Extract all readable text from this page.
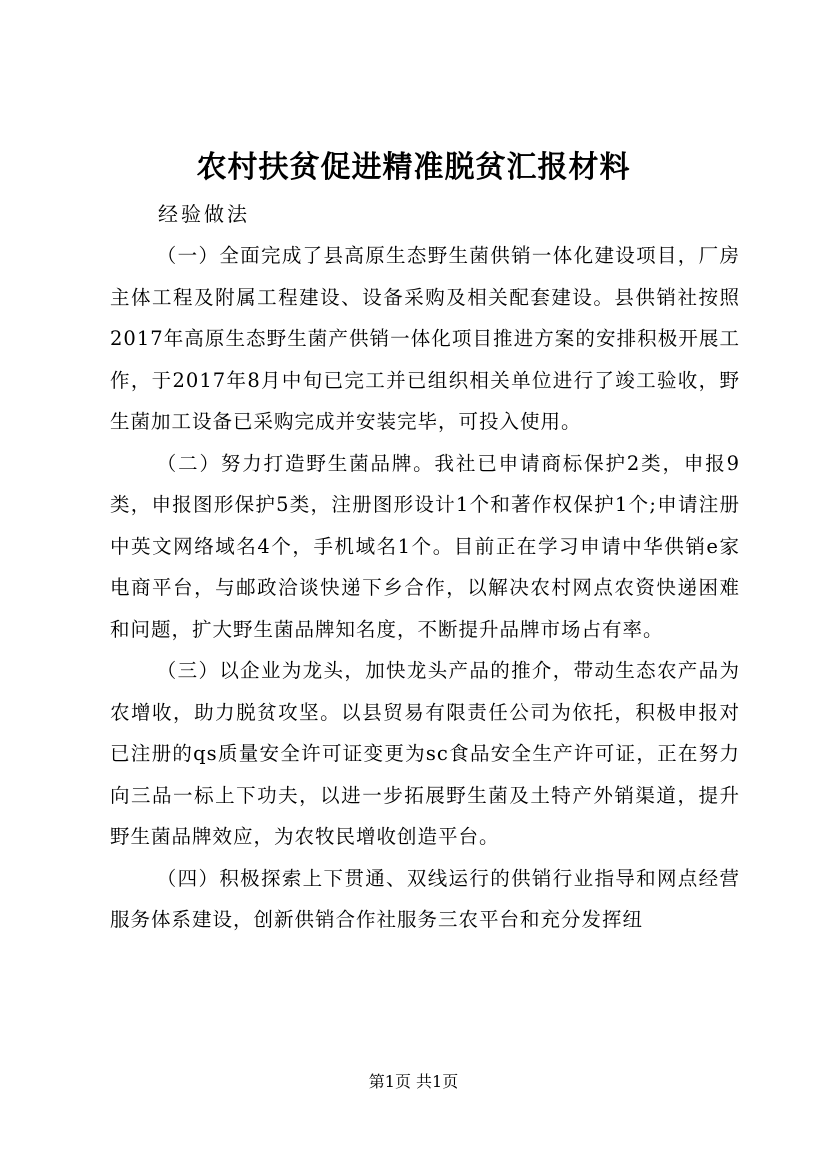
农村扶贫促进精准脱贫汇报材料
经验做法

（一）全面完成了县高原生态野生菌供销一体化建设项目，厂房主体工程及附属工程建设、设备采购及相关配套建设。县供销社按照2017年高原生态野生菌产供销一体化项目推进方案的安排积极开展工作，于2017年8月中旬已完工并已组织相关单位进行了竣工验收，野生菌加工设备已采购完成并安装完毕，可投入使用。

（二）努力打造野生菌品牌。我社已申请商标保护2类，申报9类，申报图形保护5类，注册图形设计1个和著作权保护1个;申请注册中英文网络域名4个，手机域名1个。目前正在学习申请中华供销e家电商平台，与邮政洽谈快递下乡合作，以解决农村网点农资快递困难和问题，扩大野生菌品牌知名度，不断提升品牌市场占有率。

（三）以企业为龙头，加快龙头产品的推介，带动生态农产品为农增收，助力脱贫攻坚。以县贸易有限责任公司为依托，积极申报对已注册的qs质量安全许可证变更为sc食品安全生产许可证，正在努力向三品一标上下功夫，以进一步拓展野生菌及土特产外销渠道，提升野生菌品牌效应，为农牧民增收创造平台。

（四）积极探索上下贯通、双线运行的供销行业指导和网点经营服务体系建设，创新供销合作社服务三农平台和充分发挥纽

第1页 共1页
